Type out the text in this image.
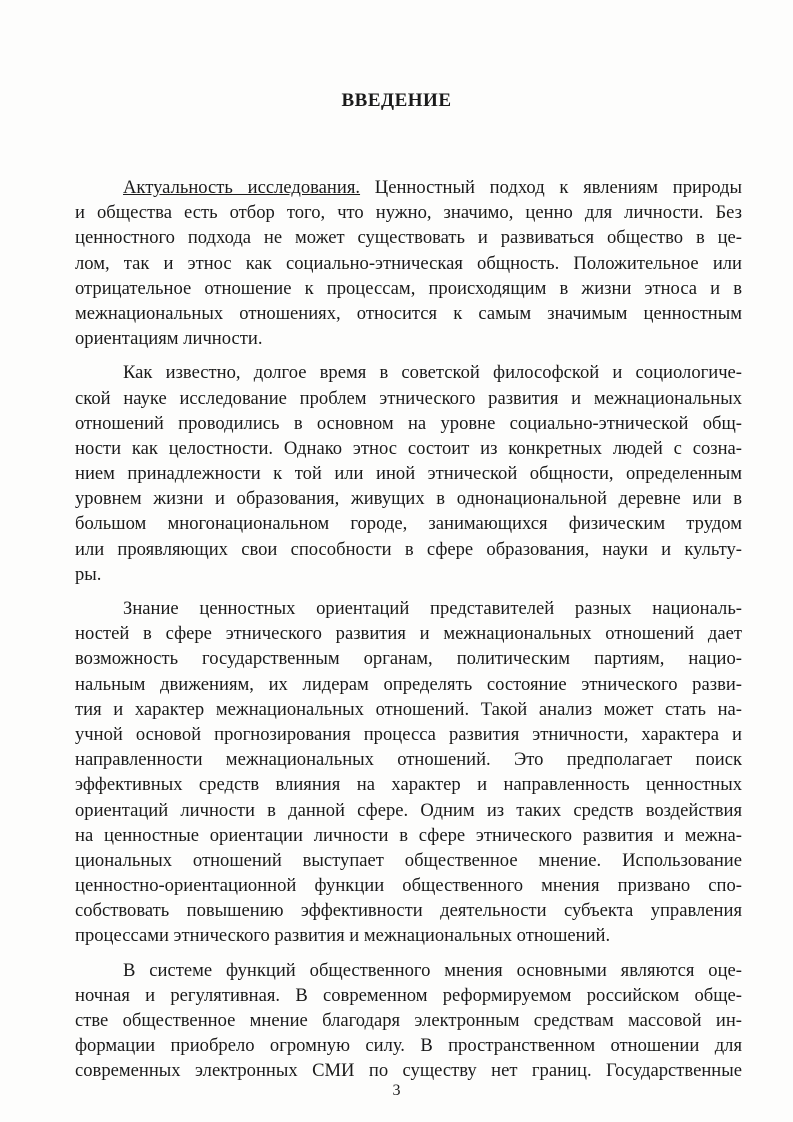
ВВЕДЕНИЕ

Актуальность исследования. Ценностный подход к явлениям природы
и общества есть отбор того, что нужно, значимо, ценно для личности. Без
ценностного подхода не может существовать и развиваться общество в це-
лом, так и этнос как социально-этническая общность. Положительное или
отрицательное отношение к процессам, происходящим в жизни этноса и в
межнациональных отношениях, относится к самым значимым ценностным
ориентациям личности.

Как известно, долгое время в советской философской и социологиче-
ской науке исследование проблем этнического развития и межнациональных
отношений проводились в основном на уровне социально-этнической общ-
ности как целостности. Однако этнос состоит из конкретных людей с созна-
нием принадлежности к той или иной этнической общности, определенным
уровнем жизни и образования, живущих в однонациональной деревне или в
большом многонациональном городе, занимающихся физическим трудом
или проявляющих свои способности в сфере образования, науки и культу-
ры.

Знание ценностных ориентаций представителей разных националь-
ностей в сфере этнического развития и межнациональных отношений дает
возможность государственным органам, политическим партиям, нацио-
нальным движениям, их лидерам определять состояние этнического разви-
тия и характер межнациональных отношений. Такой анализ может стать на-
учной основой прогнозирования процесса развития этничности, характера и
направленности межнациональных отношений. Это предполагает поиск
эффективных средств влияния на характер и направленность ценностных
ориентаций личности в данной сфере. Одним из таких средств воздействия
на ценностные ориентации личности в сфере этнического развития и межна-
циональных отношений выступает общественное мнение. Использование
ценностно-ориентационной функции общественного мнения призвано спо-
собствовать повышению эффективности деятельности субъекта управления
процессами этнического развития и межнациональных отношений.

В системе функций общественного мнения основными являются оце-
ночная и регулятивная. В современном реформируемом российском обще-
стве общественное мнение благодаря электронным средствам массовой ин-
формации приобрело огромную силу. В пространственном отношении для
современных электронных СМИ по существу нет границ. Государственные

3
